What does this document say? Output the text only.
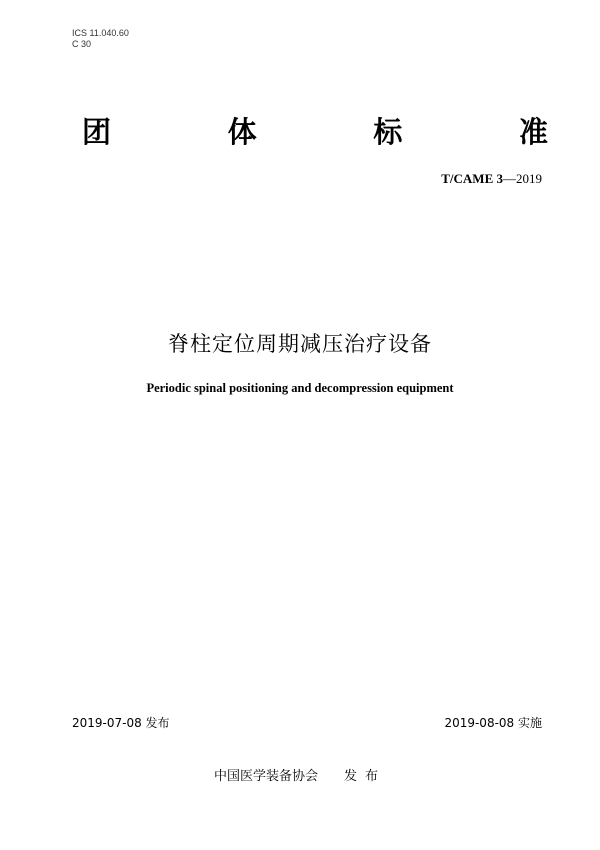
ICS 11.040.60
C 30
团	体	标	准
T/CAME 3—2019
脊柱定位周期减压治疗设备
Periodic spinal positioning and decompression equipment
2019-07-08 发布	2019-08-08 实施
中国医学装备协会 发布
